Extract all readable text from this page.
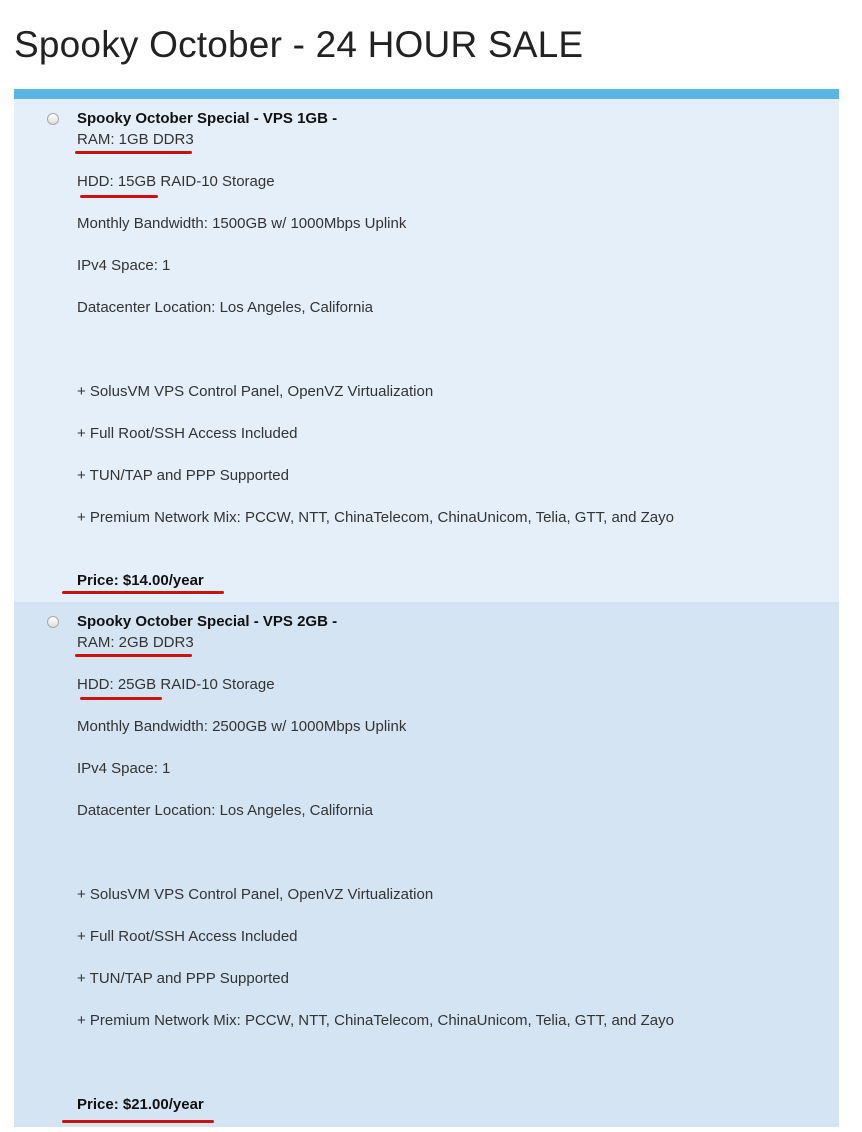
Spooky October - 24 HOUR SALE
Spooky October Special - VPS 1GB -
RAM: 1GB DDR3
HDD: 15GB RAID-10 Storage
Monthly Bandwidth: 1500GB w/ 1000Mbps Uplink
IPv4 Space: 1
Datacenter Location: Los Angeles, California
+ SolusVM VPS Control Panel, OpenVZ Virtualization
+ Full Root/SSH Access Included
+ TUN/TAP and PPP Supported
+ Premium Network Mix: PCCW, NTT, ChinaTelecom, ChinaUnicom, Telia, GTT, and Zayo
Price: $14.00/year
Spooky October Special - VPS 2GB -
RAM: 2GB DDR3
HDD: 25GB RAID-10 Storage
Monthly Bandwidth: 2500GB w/ 1000Mbps Uplink
IPv4 Space: 1
Datacenter Location: Los Angeles, California
+ SolusVM VPS Control Panel, OpenVZ Virtualization
+ Full Root/SSH Access Included
+ TUN/TAP and PPP Supported
+ Premium Network Mix: PCCW, NTT, ChinaTelecom, ChinaUnicom, Telia, GTT, and Zayo
Price: $21.00/year
